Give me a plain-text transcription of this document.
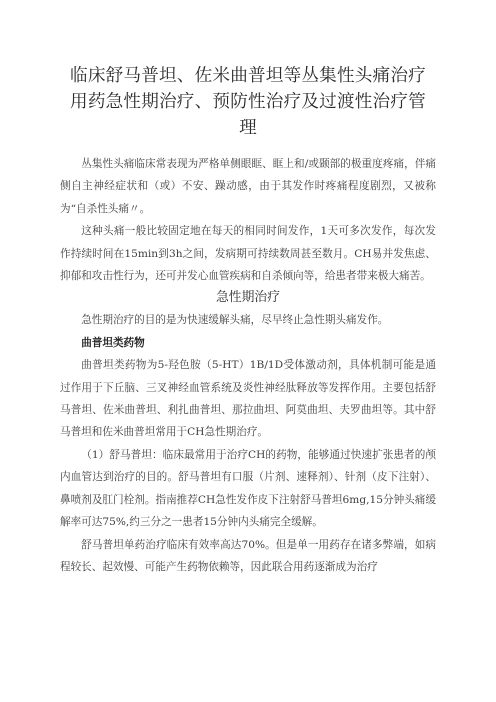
临床舒马普坦、佐米曲普坦等丛集性头痛治疗用药急性期治疗、预防性治疗及过渡性治疗管理

丛集性头痛临床常表现为严格单侧眼眶、眶上和/或颞部的极重度疼痛，伴痛侧自主神经症状和（或）不安、躁动感，由于其发作时疼痛程度剧烈，又被称为“自杀性头痛〃。

这种头痛一般比较固定地在每天的相同时间发作，1天可多次发作，每次发作持续时间在15min到3h之间，发病期可持续数周甚至数月。CH易并发焦虑、抑郁和攻击性行为，还可并发心血管疾病和自杀倾向等，给患者带来极大痛苦。

急性期治疗

急性期治疗的目的是为快速缓解头痛，尽早终止急性期头痛发作。

曲普坦类药物

曲普坦类药物为5-羟色胺（5-HT）1B/1D受体激动剂，具体机制可能是通过作用于下丘脑、三叉神经血管系统及炎性神经肽释放等发挥作用。主要包括舒马普坦、佐米曲普坦、利扎曲普坦、那拉曲坦、阿莫曲坦、夫罗曲坦等。其中舒马普坦和佐米曲普坦常用于CH急性期治疗。

（1）舒马普坦：临床最常用于治疗CH的药物，能够通过快速扩张患者的颅内血管达到治疗的目的。舒马普坦有口服（片剂、速释剂）、针剂（皮下注射）、鼻喷剂及肛门栓剂。指南推荐CH急性发作皮下注射舒马普坦6mg,15分钟头痛缓解率可达75%,约三分之一患者15分钟内头痛完全缓解。

舒马普坦单药治疗临床有效率高达70%。但是单一用药存在诸多弊端，如病程较长、起效慢、可能产生药物依赖等，因此联合用药逐渐成为治疗
